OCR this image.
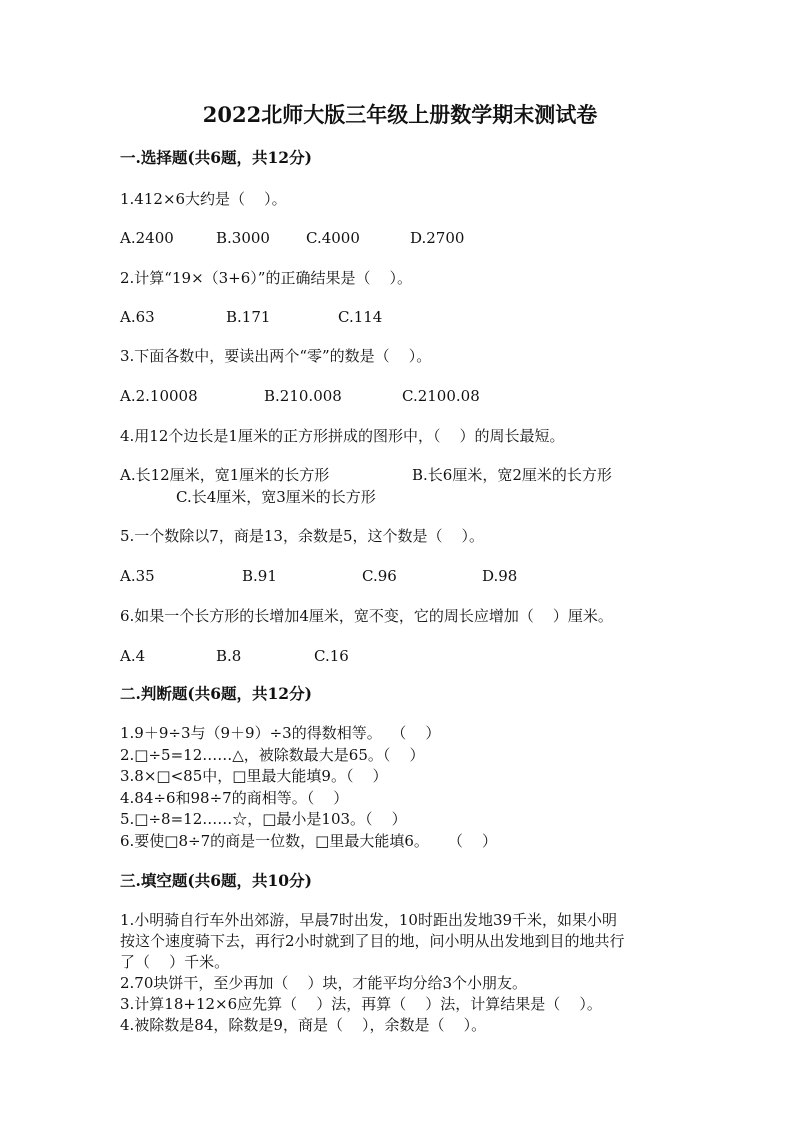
2022北师大版三年级上册数学期末测试卷
一.选择题(共6题，共12分)
1.412×6大约是（    ）。
A.2400	B.3000 C.4000	D.2700
2.计算“19×（3+6）”的正确结果是（    ）。
A.63	B.171	C.114
3.下面各数中，要读出两个“零”的数是（    ）。
A.2.10008	B.210.008	C.2100.08
4.用12个边长是1厘米的正方形拼成的图形中，（    ）的周长最短。
A.长12厘米，宽1厘米的长方形	B.长6厘米，宽2厘米的长方形
C.长4厘米，宽3厘米的长方形
5.一个数除以7，商是13，余数是5，这个数是（    ）。
A.35	B.91	C.96	D.98
6.如果一个长方形的长增加4厘米，宽不变，它的周长应增加（    ）厘米。
A.4	B.8	C.16
二.判断题(共6题，共12分)
1.9＋9÷3与（9＋9）÷3的得数相等。  （    ）
2.□÷5=12……△，被除数最大是65。（    ）
3.8×□<85中，□里最大能填9。（    ）
4.84÷6和98÷7的商相等。（    ）
5.□÷8=12……☆，□最小是103。（    ）
6.要使□8÷7的商是一位数，□里最大能填6。    （    ）
三.填空题(共6题，共10分)
1.小明骑自行车外出郊游，早晨7时出发，10时距出发地39千米，如果小明
按这个速度骑下去，再行2小时就到了目的地，问小明从出发地到目的地共行
了（    ）千米。
2.70块饼干，至少再加（    ）块，才能平均分给3个小朋友。
3.计算18+12×6应先算（    ）法，再算（    ）法，计算结果是（    ）。
4.被除数是84，除数是9，商是（    ），余数是（    ）。
